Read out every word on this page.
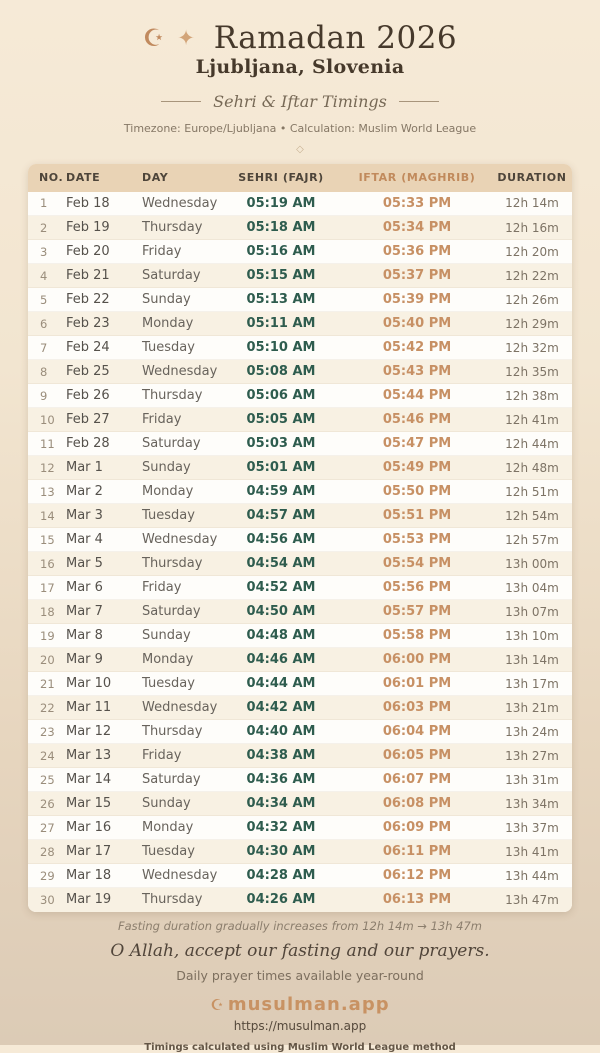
☪ ✦ Ramadan 2026
Ljubljana, Slovenia
Sehri & Iftar Timings
Timezone: Europe/Ljubljana • Calculation: Muslim World League
◇
NO.	DATE	DAY	SEHRI (FAJR)	IFTAR (MAGHRIB)	DURATION
1	Feb 18	Wednesday	05:19 AM	05:33 PM	12h 14m
2	Feb 19	Thursday	05:18 AM	05:34 PM	12h 16m
3	Feb 20	Friday	05:16 AM	05:36 PM	12h 20m
4	Feb 21	Saturday	05:15 AM	05:37 PM	12h 22m
5	Feb 22	Sunday	05:13 AM	05:39 PM	12h 26m
6	Feb 23	Monday	05:11 AM	05:40 PM	12h 29m
7	Feb 24	Tuesday	05:10 AM	05:42 PM	12h 32m
8	Feb 25	Wednesday	05:08 AM	05:43 PM	12h 35m
9	Feb 26	Thursday	05:06 AM	05:44 PM	12h 38m
10	Feb 27	Friday	05:05 AM	05:46 PM	12h 41m
11	Feb 28	Saturday	05:03 AM	05:47 PM	12h 44m
12	Mar 1	Sunday	05:01 AM	05:49 PM	12h 48m
13	Mar 2	Monday	04:59 AM	05:50 PM	12h 51m
14	Mar 3	Tuesday	04:57 AM	05:51 PM	12h 54m
15	Mar 4	Wednesday	04:56 AM	05:53 PM	12h 57m
16	Mar 5	Thursday	04:54 AM	05:54 PM	13h 00m
17	Mar 6	Friday	04:52 AM	05:56 PM	13h 04m
18	Mar 7	Saturday	04:50 AM	05:57 PM	13h 07m
19	Mar 8	Sunday	04:48 AM	05:58 PM	13h 10m
20	Mar 9	Monday	04:46 AM	06:00 PM	13h 14m
21	Mar 10	Tuesday	04:44 AM	06:01 PM	13h 17m
22	Mar 11	Wednesday	04:42 AM	06:03 PM	13h 21m
23	Mar 12	Thursday	04:40 AM	06:04 PM	13h 24m
24	Mar 13	Friday	04:38 AM	06:05 PM	13h 27m
25	Mar 14	Saturday	04:36 AM	06:07 PM	13h 31m
26	Mar 15	Sunday	04:34 AM	06:08 PM	13h 34m
27	Mar 16	Monday	04:32 AM	06:09 PM	13h 37m
28	Mar 17	Tuesday	04:30 AM	06:11 PM	13h 41m
29	Mar 18	Wednesday	04:28 AM	06:12 PM	13h 44m
30	Mar 19	Thursday	04:26 AM	06:13 PM	13h 47m
Fasting duration gradually increases from 12h 14m → 13h 47m
O Allah, accept our fasting and our prayers.
Daily prayer times available year-round
☪ musulman.app
https://musulman.app
Timings calculated using Muslim World League method
